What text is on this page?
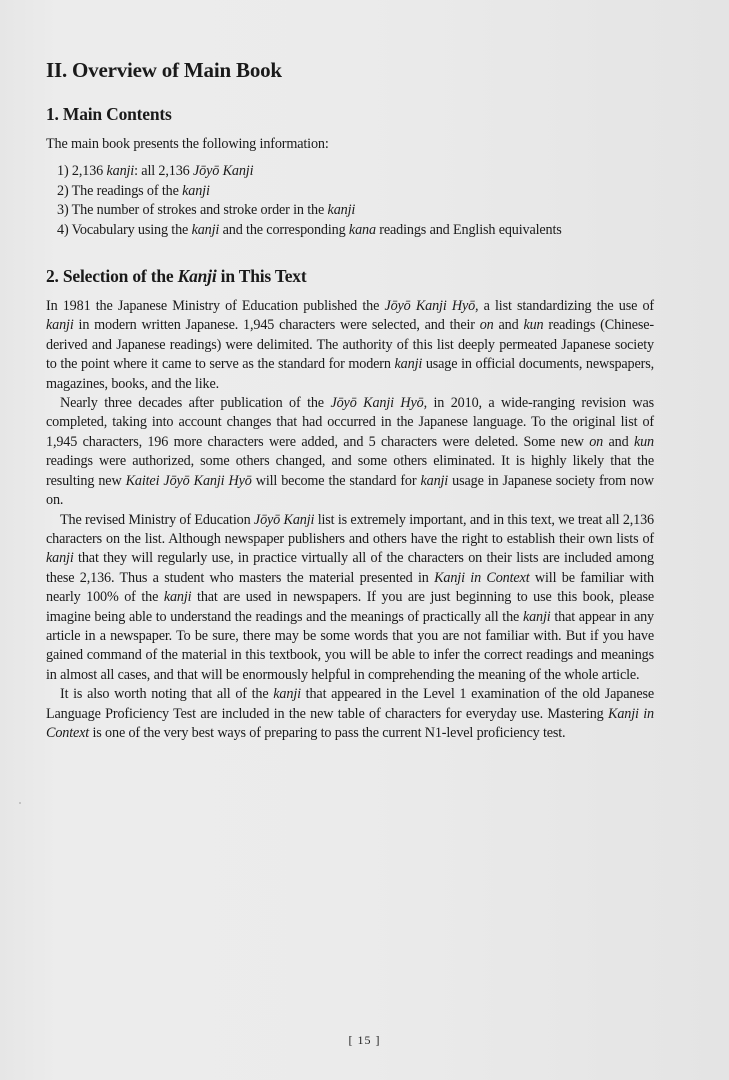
II. Overview of Main Book
1. Main Contents

The main book presents the following information:

1) 2,136 kanji: all 2,136 Jōyō Kanji
2) The readings of the kanji
3) The number of strokes and stroke order in the kanji
4) Vocabulary using the kanji and the corresponding kana readings and English equivalents
2. Selection of the Kanji in This Text

In 1981 the Japanese Ministry of Education published the Jōyō Kanji Hyō, a list standardizing the use of kanji in modern written Japanese. 1,945 characters were selected, and their on and kun readings (Chinese-derived and Japanese readings) were delimited. The authority of this list deeply permeated Japanese society to the point where it came to serve as the standard for modern kanji usage in official documents, newspapers, magazines, books, and the like.

Nearly three decades after publication of the Jōyō Kanji Hyō, in 2010, a wide-ranging revision was completed, taking into account changes that had occurred in the Japanese language. To the original list of 1,945 characters, 196 more characters were added, and 5 characters were deleted. Some new on and kun readings were authorized, some others changed, and some others eliminated. It is highly likely that the resulting new Kaitei Jōyō Kanji Hyō will become the standard for kanji usage in Japanese society from now on.

The revised Ministry of Education Jōyō Kanji list is extremely important, and in this text, we treat all 2,136 characters on the list. Although newspaper publishers and others have the right to establish their own lists of kanji that they will regularly use, in practice virtually all of the characters on their lists are included among these 2,136. Thus a student who masters the material presented in Kanji in Context will be familiar with nearly 100% of the kanji that are used in newspapers. If you are just beginning to use this book, please imagine being able to understand the readings and the meanings of practically all the kanji that appear in any article in a newspaper. To be sure, there may be some words that you are not familiar with. But if you have gained command of the material in this textbook, you will be able to infer the correct readings and meanings in almost all cases, and that will be enormously helpful in comprehending the meaning of the whole article.

It is also worth noting that all of the kanji that appeared in the Level 1 examination of the old Japanese Language Proficiency Test are included in the new table of characters for everyday use. Mastering Kanji in Context is one of the very best ways of preparing to pass the current N1-level proficiency test.

[ 15 ]
